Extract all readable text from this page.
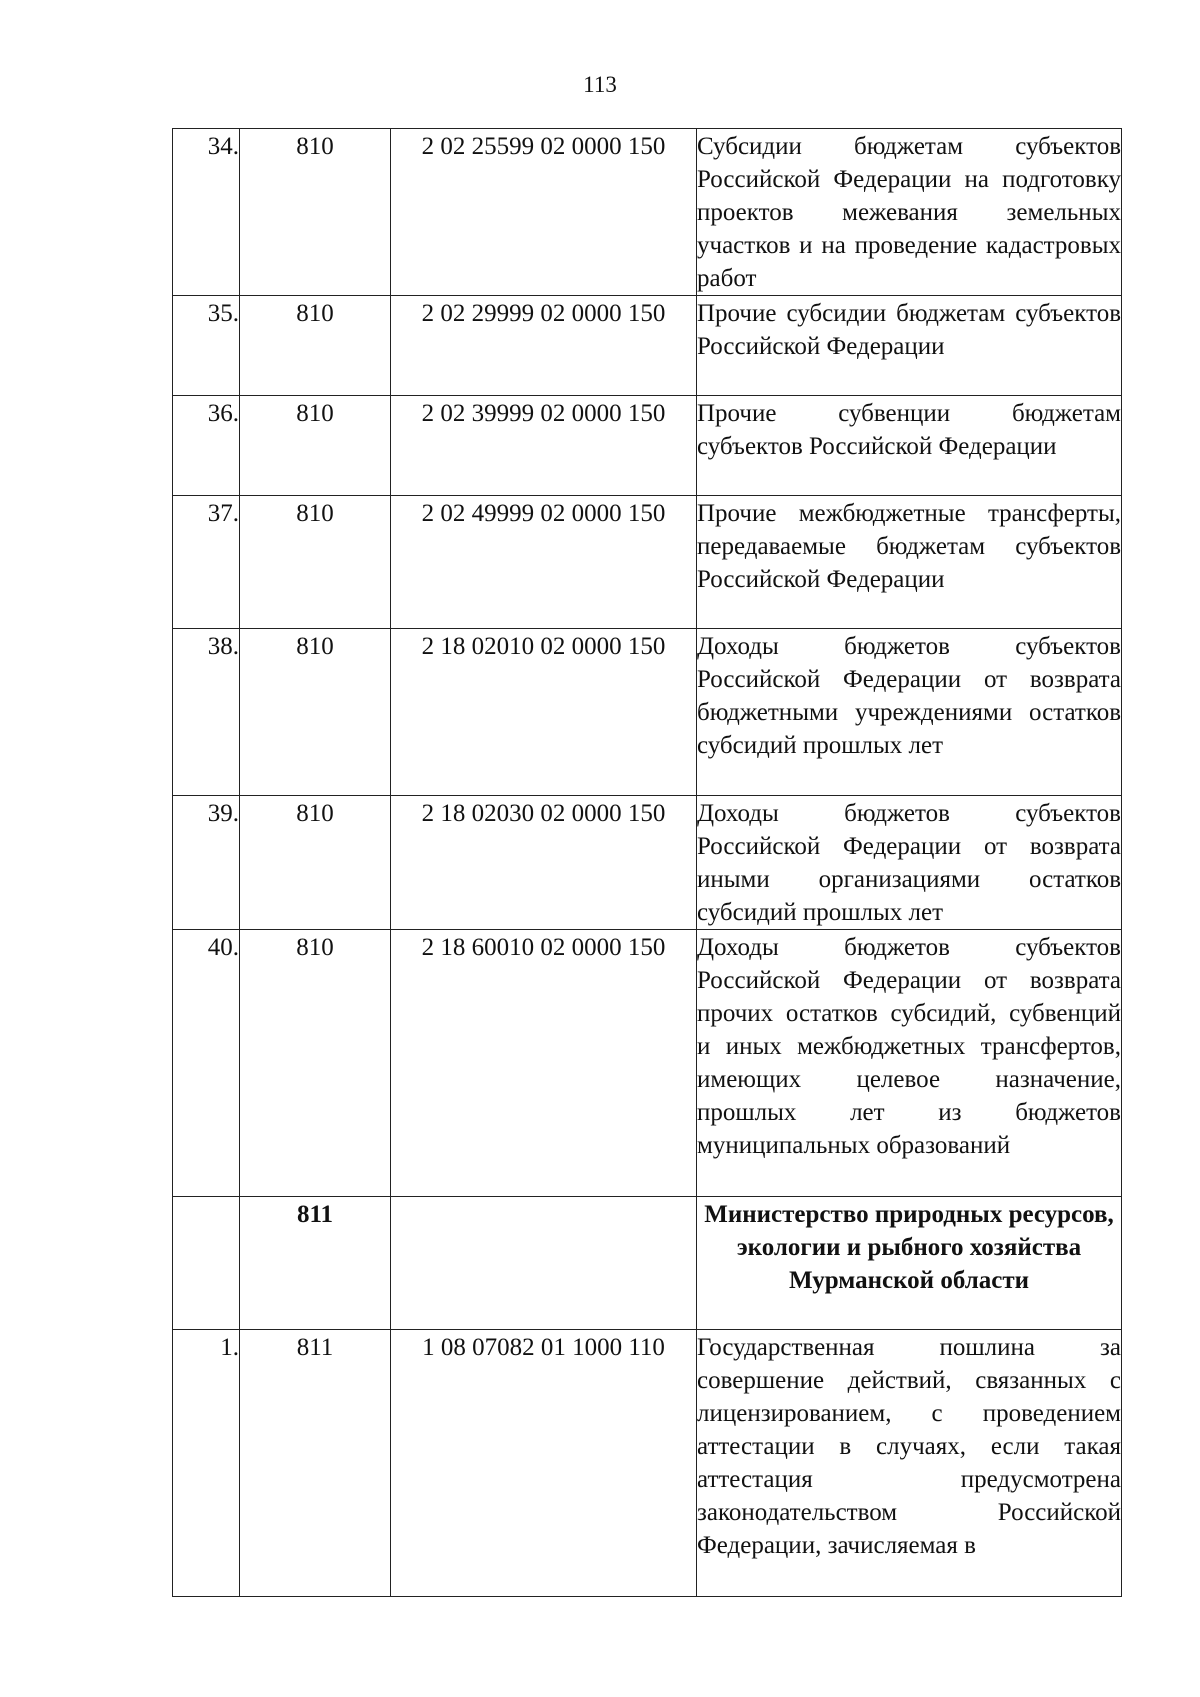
113
34.	810	2 02 25599 02 0000 150	Субсидии бюджетам субъектов Российской Федерации на подготовку проектов межевания земельных участков и на проведение кадастровых работ
35.	810	2 02 29999 02 0000 150	Прочие субсидии бюджетам субъектов Российской Федерации
36.	810	2 02 39999 02 0000 150	Прочие субвенции бюджетам субъектов Российской Федерации
37.	810	2 02 49999 02 0000 150	Прочие межбюджетные трансферты, передаваемые бюджетам субъектов Российской Федерации
38.	810	2 18 02010 02 0000 150	Доходы бюджетов субъектов Российской Федерации от возврата бюджетными учреждениями остатков субсидий прошлых лет
39.	810	2 18 02030 02 0000 150	Доходы бюджетов субъектов Российской Федерации от возврата иными организациями остатков субсидий прошлых лет
40.	810	2 18 60010 02 0000 150	Доходы бюджетов субъектов Российской Федерации от возврата прочих остатков субсидий, субвенций и иных межбюджетных трансфертов, имеющих целевое назначение, прошлых лет из бюджетов муниципальных образований
	811		Министерство природных ресурсов, экологии и рыбного хозяйства Мурманской области
1.	811	1 08 07082 01 1000 110	Государственная пошлина за совершение действий, связанных с лицензированием, с проведением аттестации в случаях, если такая аттестация предусмотрена законодательством Российской Федерации, зачисляемая в
